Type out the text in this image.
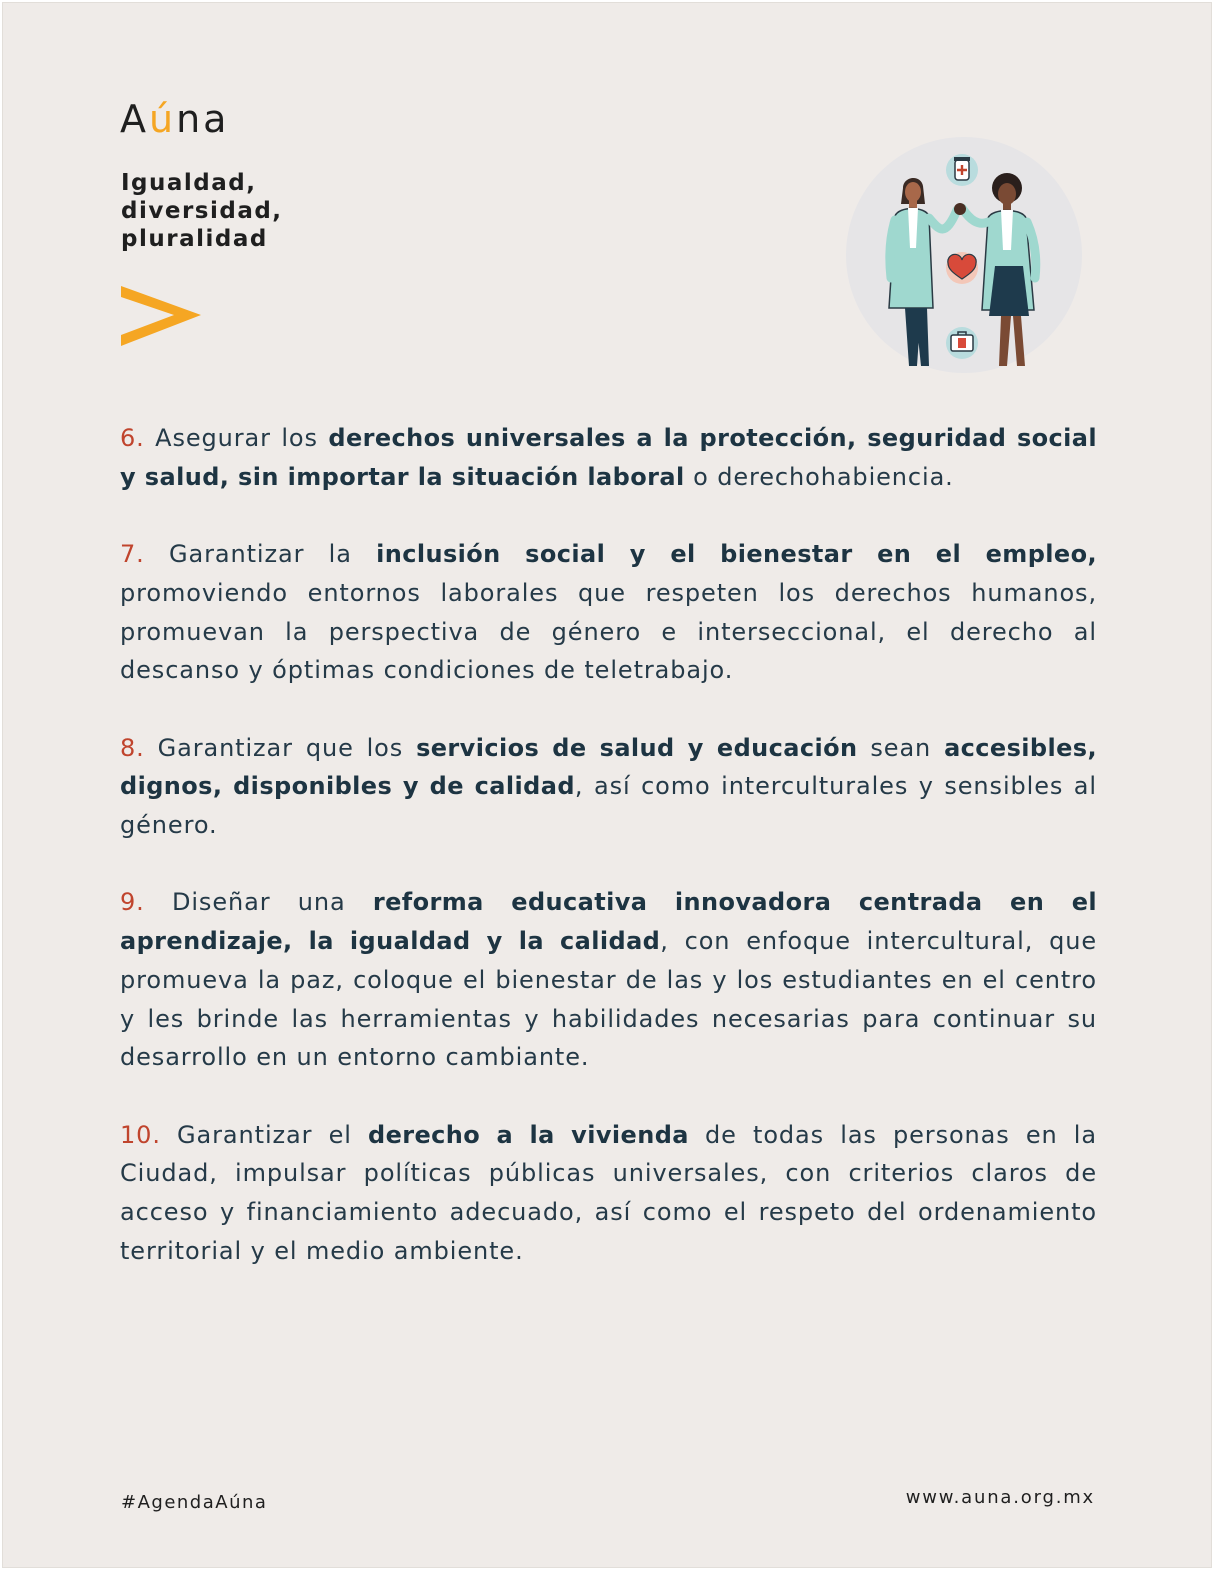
Aúna
Igualdad,
diversidad,
pluralidad

6. Asegurar los derechos universales a la protección, seguridad social y salud, sin importar la situación laboral o derechohabiencia.

7. Garantizar la inclusión social y el bienestar en el empleo, promoviendo entornos laborales que respeten los derechos humanos, promuevan la perspectiva de género e interseccional, el derecho al descanso y óptimas condiciones de teletrabajo.

8. Garantizar que los servicios de salud y educación sean accesibles, dignos, disponibles y de calidad, así como interculturales y sensibles al género.

9. Diseñar una reforma educativa innovadora centrada en el aprendizaje, la igualdad y la calidad, con enfoque intercultural, que promueva la paz, coloque el bienestar de las y los estudiantes en el centro y les brinde las herramientas y habilidades necesarias para continuar su desarrollo en un entorno cambiante.

10. Garantizar el derecho a la vivienda de todas las personas en la Ciudad, impulsar políticas públicas universales, con criterios claros de acceso y financiamiento adecuado, así como el respeto del ordenamiento territorial y el medio ambiente.

#AgendaAúna	www.auna.org.mx
